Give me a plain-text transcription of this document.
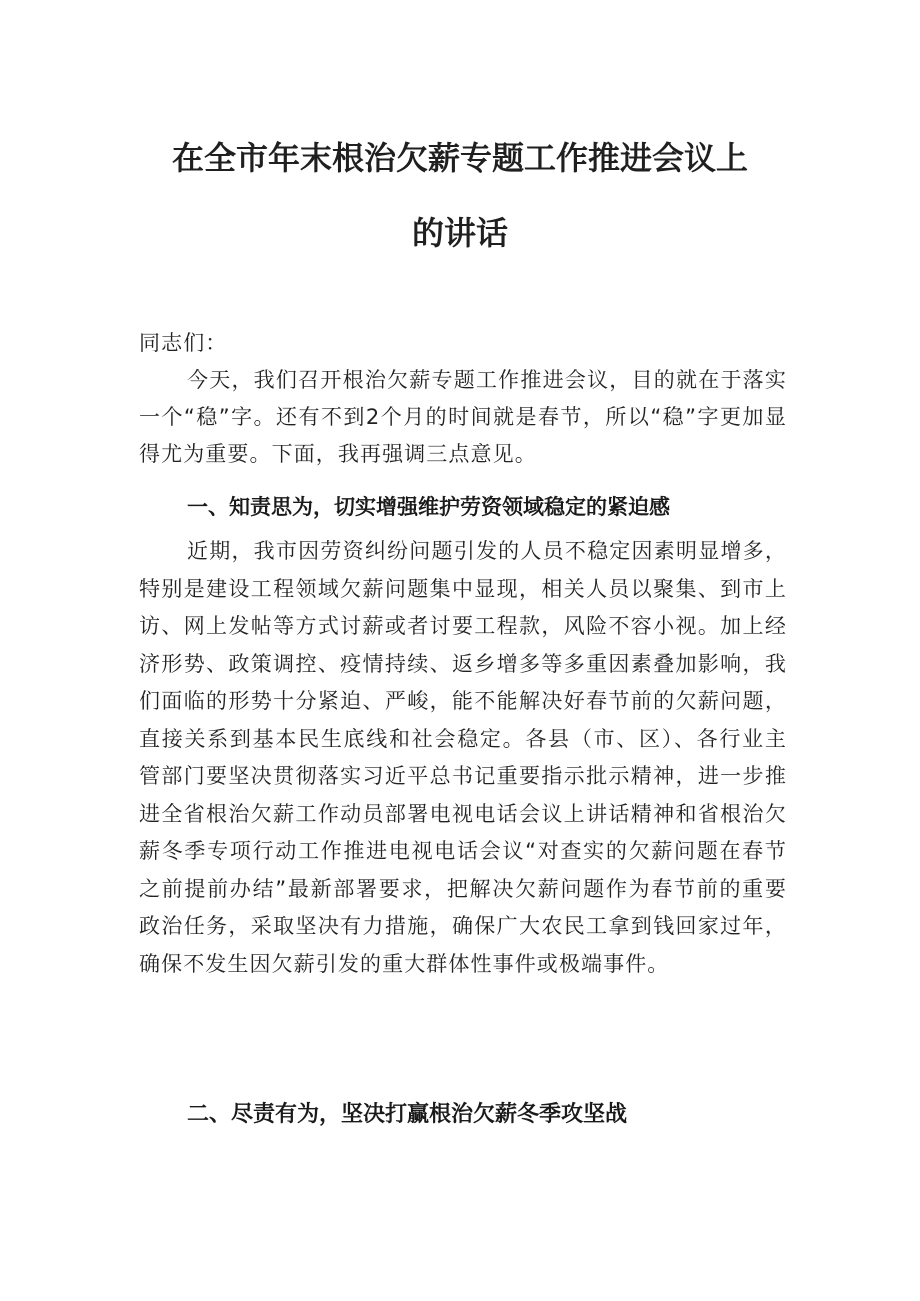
在全市年末根治欠薪专题工作推进会议上
的讲话
同志们：
今天，我们召开根治欠薪专题工作推进会议，目的就在于落实一个“稳”字。还有不到2个月的时间就是春节，所以“稳”字更加显得尤为重要。下面，我再强调三点意见。
一、知责思为，切实增强维护劳资领域稳定的紧迫感
近期，我市因劳资纠纷问题引发的人员不稳定因素明显增多，特别是建设工程领域欠薪问题集中显现，相关人员以聚集、到市上访、网上发帖等方式讨薪或者讨要工程款，风险不容小视。加上经济形势、政策调控、疫情持续、返乡增多等多重因素叠加影响，我们面临的形势十分紧迫、严峻，能不能解决好春节前的欠薪问题，直接关系到基本民生底线和社会稳定。各县（市、区）、各行业主管部门要坚决贯彻落实习近平总书记重要指示批示精神，进一步推进全省根治欠薪工作动员部署电视电话会议上讲话精神和省根治欠薪冬季专项行动工作推进电视电话会议“对查实的欠薪问题在春节之前提前办结”最新部署要求，把解决欠薪问题作为春节前的重要政治任务，采取坚决有力措施，确保广大农民工拿到钱回家过年，确保不发生因欠薪引发的重大群体性事件或极端事件。
二、尽责有为，坚决打赢根治欠薪冬季攻坚战
